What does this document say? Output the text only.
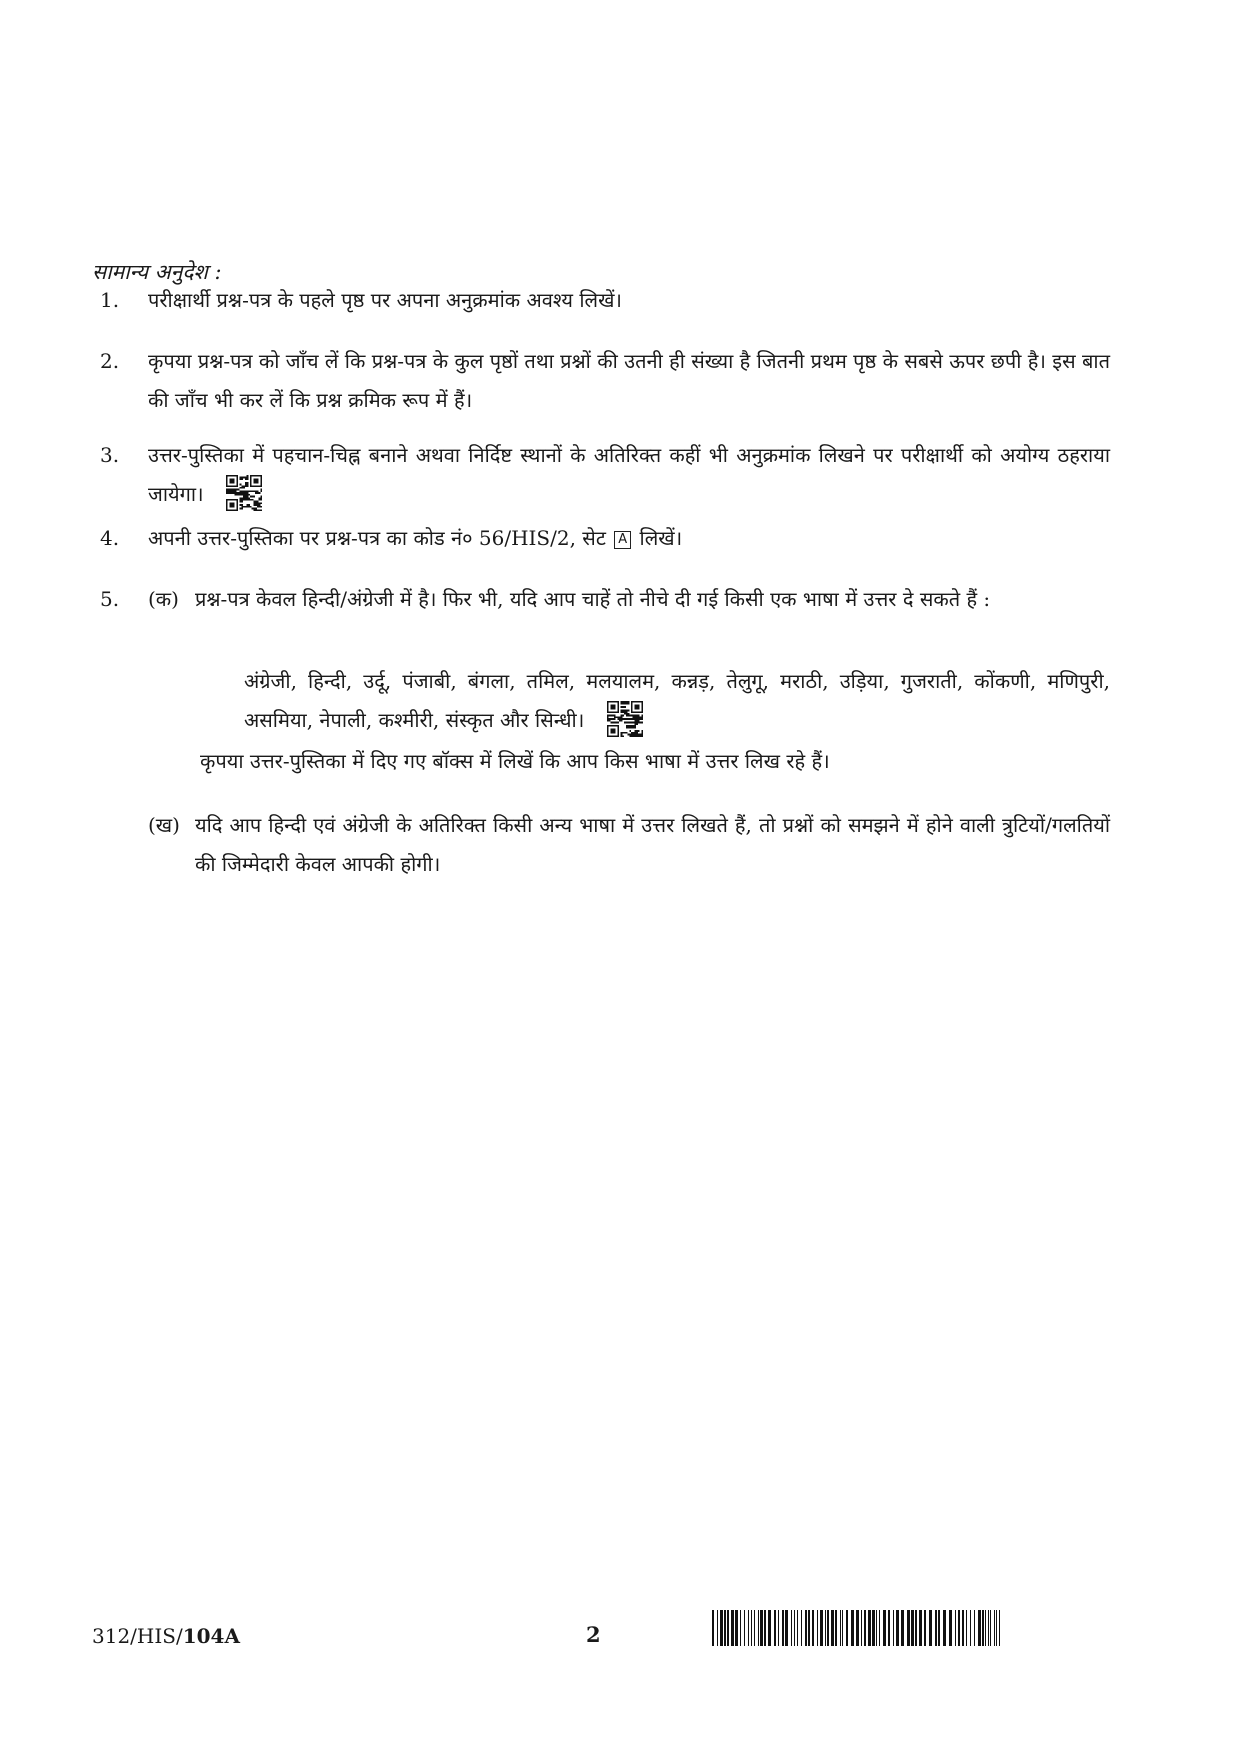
सामान्य अनुदेश :
1.	परीक्षार्थी प्रश्न-पत्र के पहले पृष्ठ पर अपना अनुक्रमांक अवश्य लिखें।
2.	कृपया प्रश्न-पत्र को जाँच लें कि प्रश्न-पत्र के कुल पृष्ठों तथा प्रश्नों की उतनी ही संख्या है जितनी प्रथम पृष्ठ के सबसे ऊपर छपी है। इस बात की जाँच भी कर लें कि प्रश्न क्रमिक रूप में हैं।
3.	उत्तर-पुस्तिका में पहचान-चिह्न बनाने अथवा निर्दिष्ट स्थानों के अतिरिक्त कहीं भी अनुक्रमांक लिखने पर परीक्षार्थी को अयोग्य ठहराया जायेगा।
4.	अपनी उत्तर-पुस्तिका पर प्रश्न-पत्र का कोड नं० 56/HIS/2, सेट A लिखें।
5.	(क) प्रश्न-पत्र केवल हिन्दी/अंग्रेजी में है। फिर भी, यदि आप चाहें तो नीचे दी गई किसी एक भाषा में उत्तर दे सकते हैं :
अंग्रेजी, हिन्दी, उर्दू, पंजाबी, बंगला, तमिल, मलयालम, कन्नड़, तेलुगू, मराठी, उड़िया, गुजराती, कोंकणी, मणिपुरी, असमिया, नेपाली, कश्मीरी, संस्कृत और सिन्धी।
कृपया उत्तर-पुस्तिका में दिए गए बॉक्स में लिखें कि आप किस भाषा में उत्तर लिख रहे हैं।
(ख) यदि आप हिन्दी एवं अंग्रेजी के अतिरिक्त किसी अन्य भाषा में उत्तर लिखते हैं, तो प्रश्नों को समझने में होने वाली त्रुटियों/गलतियों की जिम्मेदारी केवल आपकी होगी।
312/HIS/104A	2
